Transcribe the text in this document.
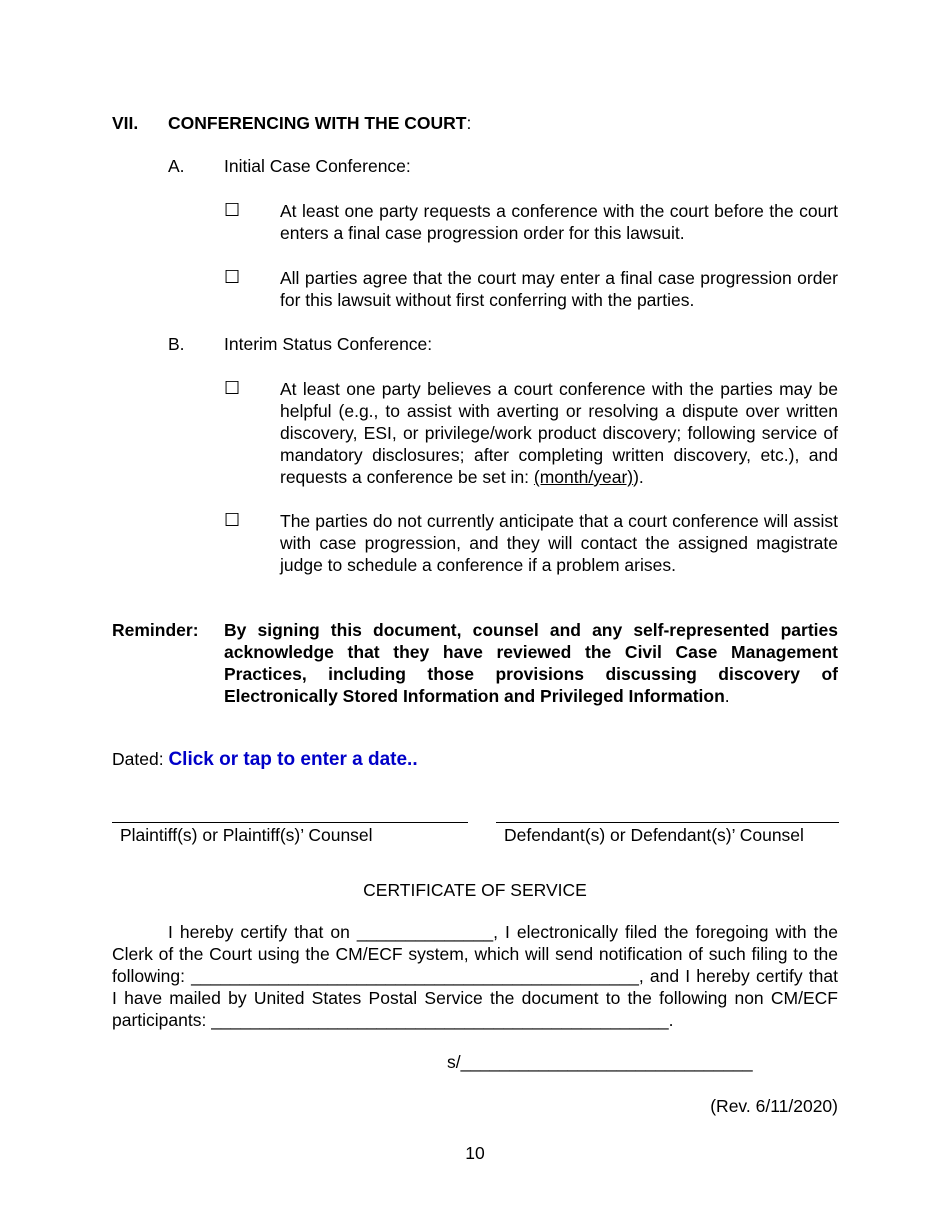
VII. CONFERENCING WITH THE COURT:
A. Initial Case Conference:
☐ At least one party requests a conference with the court before the court enters a final case progression order for this lawsuit.
☐ All parties agree that the court may enter a final case progression order for this lawsuit without first conferring with the parties.
B. Interim Status Conference:
☐ At least one party believes a court conference with the parties may be helpful (e.g., to assist with averting or resolving a dispute over written discovery, ESI, or privilege/work product discovery; following service of mandatory disclosures; after completing written discovery, etc.), and requests a conference be set in: (month/year)).
☐ The parties do not currently anticipate that a court conference will assist with case progression, and they will contact the assigned magistrate judge to schedule a conference if a problem arises.
Reminder: By signing this document, counsel and any self-represented parties acknowledge that they have reviewed the Civil Case Management Practices, including those provisions discussing discovery of Electronically Stored Information and Privileged Information.
Dated: Click or tap to enter a date..
Plaintiff(s) or Plaintiff(s)’ Counsel	Defendant(s) or Defendant(s)’ Counsel
CERTIFICATE OF SERVICE
I hereby certify that on ______________, I electronically filed the foregoing with the Clerk of the Court using the CM/ECF system, which will send notification of such filing to the following: ______________________________________________, and I hereby certify that I have mailed by United States Postal Service the document to the following non CM/ECF participants: _______________________________________________.
s/______________________________
(Rev. 6/11/2020)
10
